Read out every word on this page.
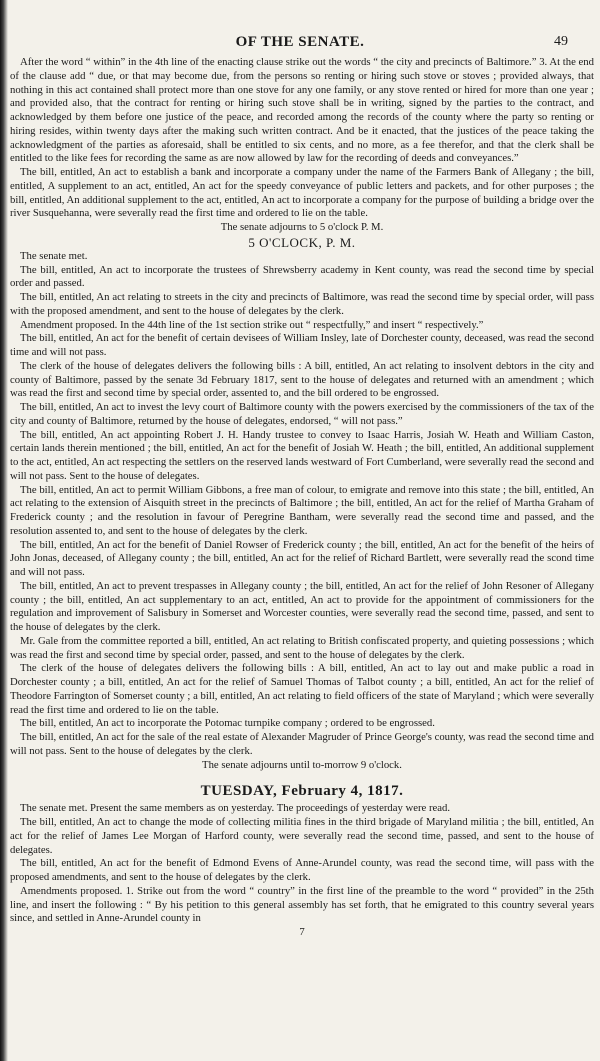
OF THE SENATE.	49

After the word “ within” in the 4th line of the enacting clause strike out the words “ the city and precincts of Baltimore.” 3. At the end of the clause add “ due, or that may become due, from the persons so renting or hiring such stove or stoves ; provided always, that nothing in this act contained shall protect more than one stove for any one family, or any stove rented or hired for more than one year ; and provided also, that the contract for renting or hiring such stove shall be in writing, signed by the parties to the contract, and acknowledged by them before one justice of the peace, and recorded among the records of the county where the party so renting or hiring resides, within twenty days after the making such written contract. And be it enacted, that the justices of the peace taking the acknowledgment of the parties as aforesaid, shall be entitled to six cents, and no more, as a fee therefor, and that the clerk shall be entitled to the like fees for recording the same as are now allowed by law for the recording of deeds and conveyances.”

The bill, entitled, An act to establish a bank and incorporate a company under the name of the Farmers Bank of Allegany ; the bill, entitled, A supplement to an act, entitled, An act for the speedy conveyance of public letters and packets, and for other purposes ; the bill, entitled, An additional supplement to the act, entitled, An act to incorporate a company for the purpose of building a bridge over the river Susquehanna, were severally read the first time and ordered to lie on the table.

The senate adjourns to 5 o'clock P. M.

5 O'CLOCK, P. M.

The senate met.

The bill, entitled, An act to incorporate the trustees of Shrewsberry academy in Kent county, was read the second time by special order and passed.

The bill, entitled, An act relating to streets in the city and precincts of Baltimore, was read the second time by special order, will pass with the proposed amendment, and sent to the house of delegates by the clerk.

Amendment proposed. In the 44th line of the 1st section strike out “ respectfully,” and insert “ respectively.”

The bill, entitled, An act for the benefit of certain devisees of William Insley, late of Dorchester county, deceased, was read the second time and will not pass.

The clerk of the house of delegates delivers the following bills : A bill, entitled, An act relating to insolvent debtors in the city and county of Baltimore, passed by the senate 3d February 1817, sent to the house of delegates and returned with an amendment ; which was read the first and second time by special order, assented to, and the bill ordered to be engrossed.

The bill, entitled, An act to invest the levy court of Baltimore county with the powers exercised by the commissioners of the tax of the city and county of Baltimore, returned by the house of delegates, endorsed, “ will not pass.”

The bill, entitled, An act appointing Robert J. H. Handy trustee to convey to Isaac Harris, Josiah W. Heath and William Caston, certain lands therein mentioned ; the bill, entitled, An act for the benefit of Josiah W. Heath ; the bill, entitled, An additional supplement to the act, entitled, An act respecting the settlers on the reserved lands westward of Fort Cumberland, were severally read the second and will not pass. Sent to the house of delegates.

The bill, entitled, An act to permit William Gibbons, a free man of colour, to emigrate and remove into this state ; the bill, entitled, An act relating to the extension of Aisquith street in the precincts of Baltimore ; the bill, entitled, An act for the relief of Martha Graham of Frederick county ; and the resolution in favour of Peregrine Bantham, were severally read the second time and passed, and the resolution assented to, and sent to the house of delegates by the clerk.

The bill, entitled, An act for the benefit of Daniel Rowser of Frederick county ; the bill, entitled, An act for the benefit of the heirs of John Jonas, deceased, of Allegany county ; the bill, entitled, An act for the relief of Richard Bartlett, were severally read the scond time and will not pass.

The bill, entitled, An act to prevent trespasses in Allegany county ; the bill, entitled, An act for the relief of John Resoner of Allegany county ; the bill, entitled, An act supplementary to an act, entitled, An act to provide for the appointment of commissioners for the regulation and improvement of Salisbury in Somerset and Worcester counties, were severally read the second time, passed, and sent to the house of delegates by the clerk.

Mr. Gale from the committee reported a bill, entitled, An act relating to British confiscated property, and quieting possessions ; which was read the first and second time by special order, passed, and sent to the house of delegates by the clerk.

The clerk of the house of delegates delivers the following bills : A bill, entitled, An act to lay out and make public a road in Dorchester county ; a bill, entitled, An act for the relief of Samuel Thomas of Talbot county ; a bill, entitled, An act for the relief of Theodore Farrington of Somerset county ; a bill, entitled, An act relating to field officers of the state of Maryland ; which were severally read the first time and ordered to lie on the table.

The bill, entitled, An act to incorporate the Potomac turnpike company ; ordered to be engrossed.

The bill, entitled, An act for the sale of the real estate of Alexander Magruder of Prince George's county, was read the second time and will not pass. Sent to the house of delegates by the clerk.

The senate adjourns until to-morrow 9 o'clock.

TUESDAY, February 4, 1817.

The senate met. Present the same members as on yesterday. The proceedings of yesterday were read.

The bill, entitled, An act to change the mode of collecting militia fines in the third brigade of Maryland militia ; the bill, entitled, An act for the relief of James Lee Morgan of Harford county, were severally read the second time, passed, and sent to the house of delegates.

The bill, entitled, An act for the benefit of Edmond Evens of Anne-Arundel county, was read the second time, will pass with the proposed amendments, and sent to the house of delegates by the clerk.

Amendments proposed. 1. Strike out from the word “ country” in the first line of the preamble to the word “ provided” in the 25th line, and insert the following : “ By his petition to this general assembly has set forth, that he emigrated to this country several years since, and settled in Anne-Arundel county in

7
